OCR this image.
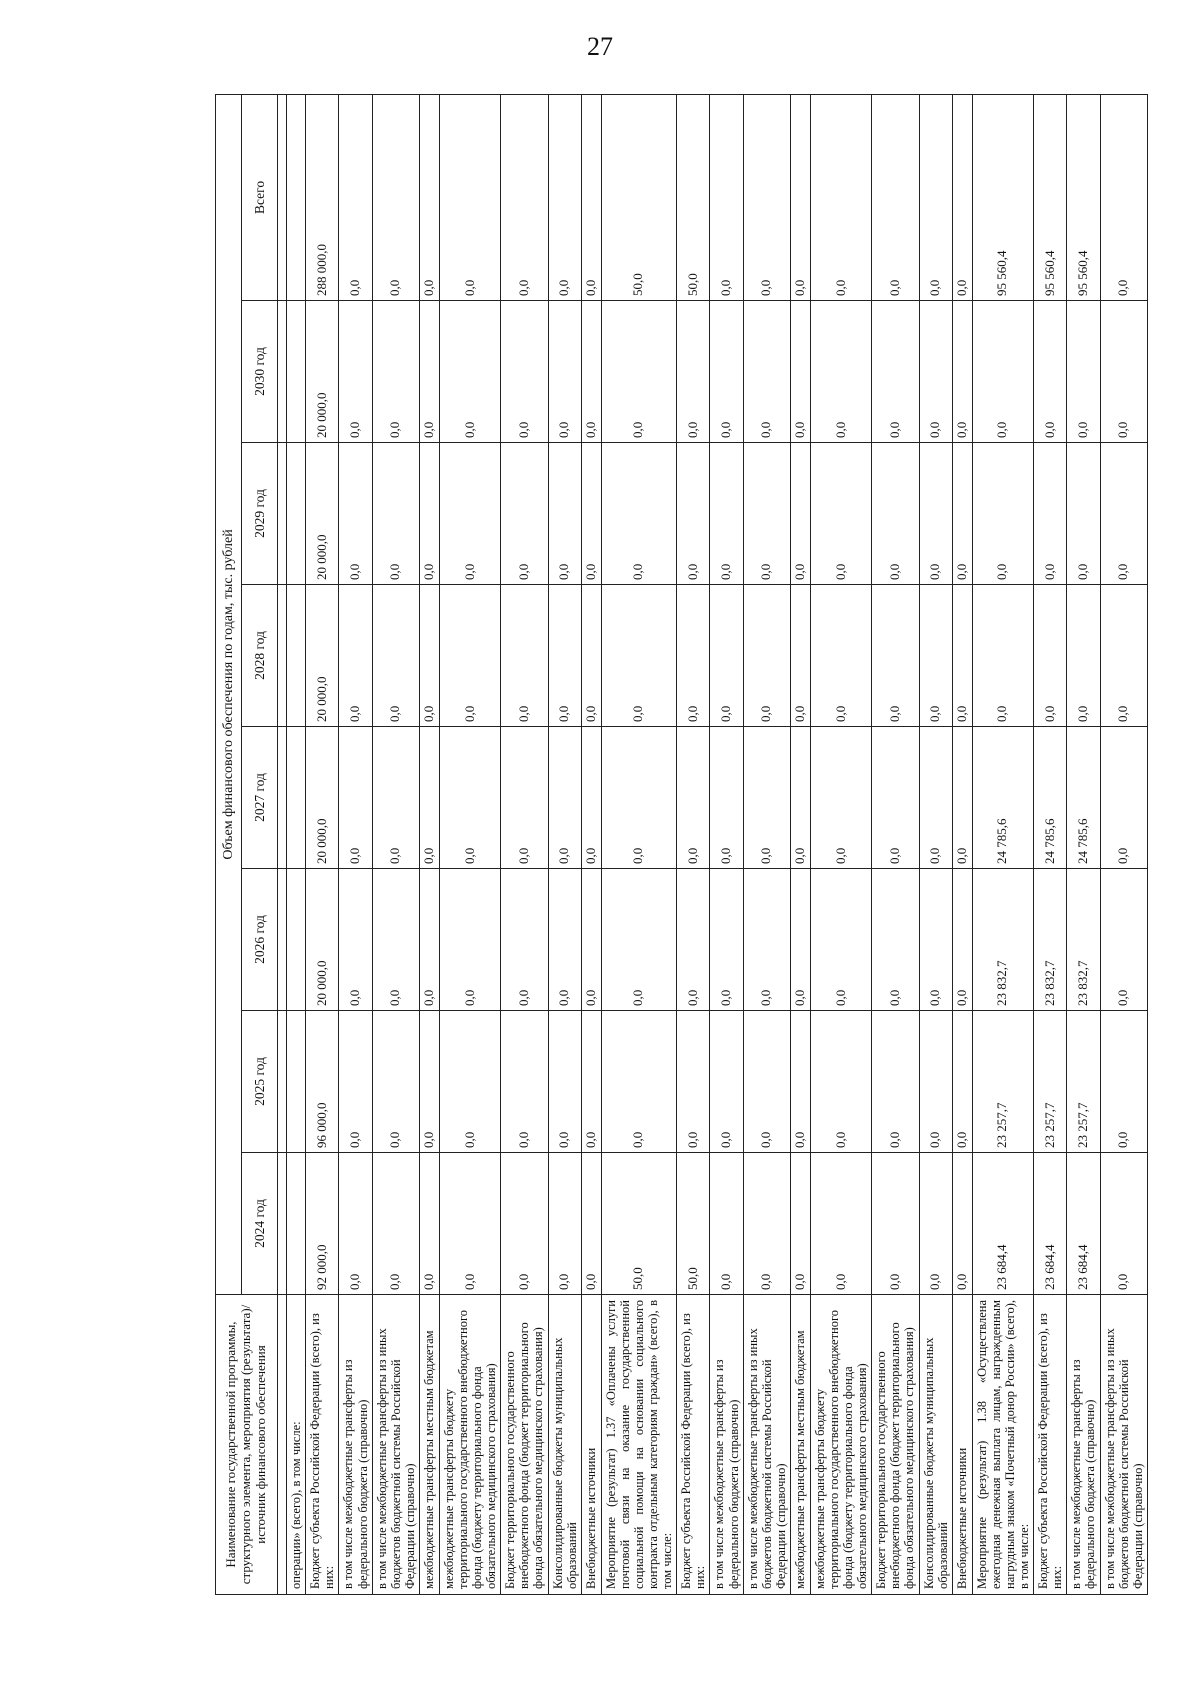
27
Наименование государственной программы, структурного элемента, мероприятия (результата)/источник финансового обеспечения	Объем финансового обеспечения по годам, тыс. рублей							
	2024 год	2025 год	2026 год	2027 год	2028 год	2029 год	2030 год	Всего

операции» (всего), в том числе:								
Бюджет субъекта Российской Федерации (всего), из них:	92 000,0	96 000,0	20 000,0	20 000,0	20 000,0	20 000,0	20 000,0	288 000,0
в том числе межбюджетные трансферты из федерального бюджета (справочно)	0,0	0,0	0,0	0,0	0,0	0,0	0,0	0,0
в том числе межбюджетные трансферты из иных бюджетов бюджетной системы Российской Федерации (справочно)	0,0	0,0	0,0	0,0	0,0	0,0	0,0	0,0
межбюджетные трансферты местным бюджетам	0,0	0,0	0,0	0,0	0,0	0,0	0,0	0,0
межбюджетные трансферты бюджету территориального государственного внебюджетного фонда (бюджету территориального фонда обязательного медицинского страхования)	0,0	0,0	0,0	0,0	0,0	0,0	0,0	0,0
Бюджет территориального государственного внебюджетного фонда (бюджет территориального фонда обязательного медицинского страхования)	0,0	0,0	0,0	0,0	0,0	0,0	0,0	0,0
Консолидированные бюджеты муниципальных образований	0,0	0,0	0,0	0,0	0,0	0,0	0,0	0,0
Внебюджетные источники	0,0	0,0	0,0	0,0	0,0	0,0	0,0	0,0
Мероприятие (результат) 1.37 «Оплачены услуги почтовой связи на оказание государственной социальной помощи на основании социального контракта отдельным категориям граждан» (всего), в том числе:	50,0	0,0	0,0	0,0	0,0	0,0	0,0	50,0
Бюджет субъекта Российской Федерации (всего), из них:	50,0	0,0	0,0	0,0	0,0	0,0	0,0	50,0
в том числе межбюджетные трансферты из федерального бюджета (справочно)	0,0	0,0	0,0	0,0	0,0	0,0	0,0	0,0
в том числе межбюджетные трансферты из иных бюджетов бюджетной системы Российской Федерации (справочно)	0,0	0,0	0,0	0,0	0,0	0,0	0,0	0,0
межбюджетные трансферты местным бюджетам	0,0	0,0	0,0	0,0	0,0	0,0	0,0	0,0
межбюджетные трансферты бюджету территориального государственного внебюджетного фонда (бюджету территориального фонда обязательного медицинского страхования)	0,0	0,0	0,0	0,0	0,0	0,0	0,0	0,0
Бюджет территориального государственного внебюджетного фонда (бюджет территориального фонда обязательного медицинского страхования)	0,0	0,0	0,0	0,0	0,0	0,0	0,0	0,0
Консолидированные бюджеты муниципальных образований	0,0	0,0	0,0	0,0	0,0	0,0	0,0	0,0
Внебюджетные источники	0,0	0,0	0,0	0,0	0,0	0,0	0,0	0,0
Мероприятие (результат) 1.38 «Осуществлена ежегодная денежная выплата лицам, награжденным нагрудным знаком «Почетный донор России» (всего), в том числе:	23 684,4	23 257,7	23 832,7	24 785,6	0,0	0,0	0,0	95 560,4
Бюджет субъекта Российской Федерации (всего), из них:	23 684,4	23 257,7	23 832,7	24 785,6	0,0	0,0	0,0	95 560,4
в том числе межбюджетные трансферты из федерального бюджета (справочно)	23 684,4	23 257,7	23 832,7	24 785,6	0,0	0,0	0,0	95 560,4
в том числе межбюджетные трансферты из иных бюджетов бюджетной системы Российской Федерации (справочно)	0,0	0,0	0,0	0,0	0,0	0,0	0,0	0,0
